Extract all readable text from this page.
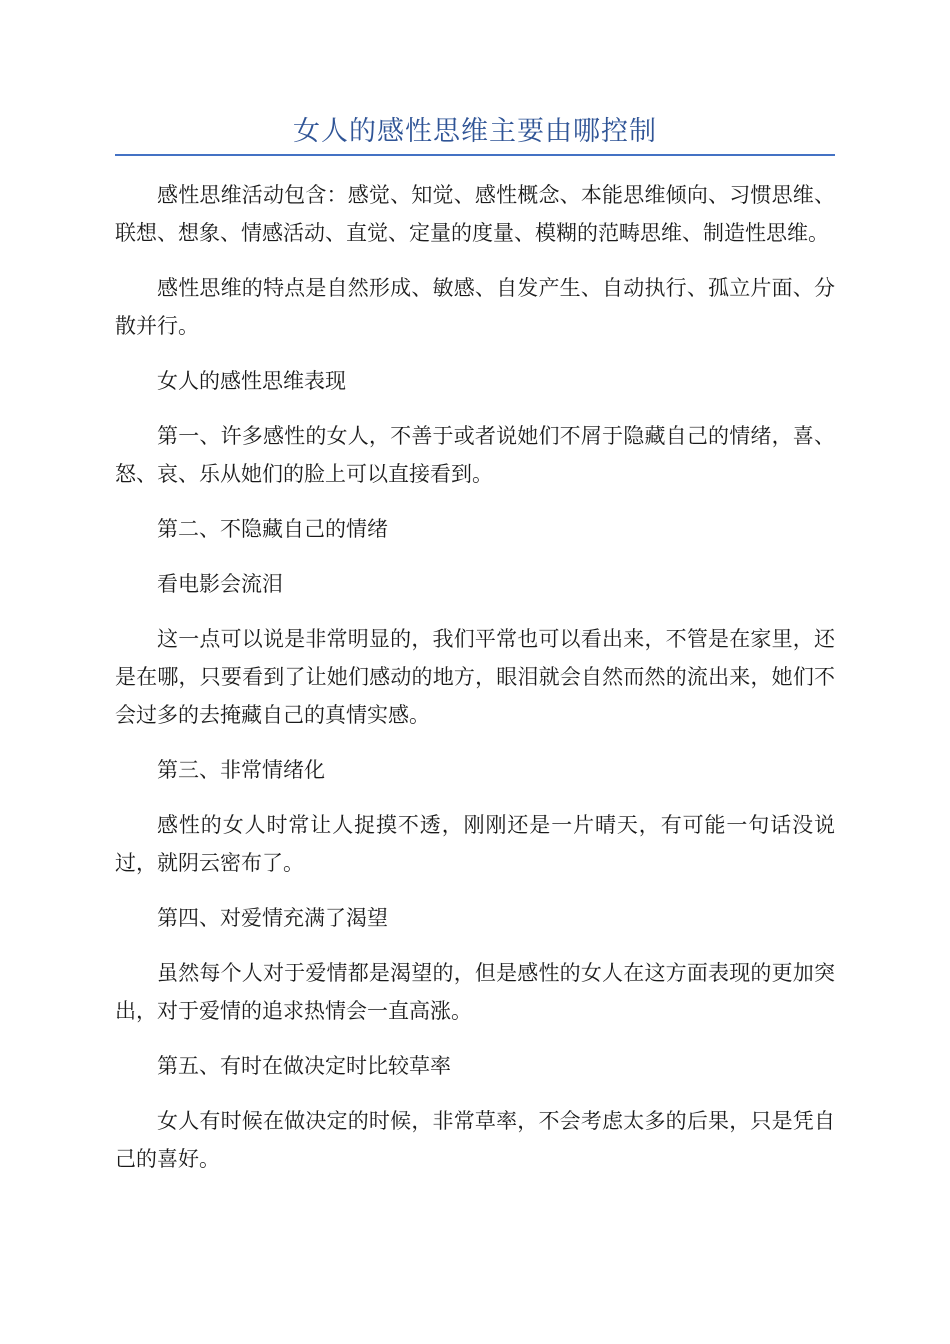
女人的感性思维主要由哪控制

感性思维活动包含：感觉、知觉、感性概念、本能思维倾向、习惯思维、联想、想象、情感活动、直觉、定量的度量、模糊的范畴思维、制造性思维。

感性思维的特点是自然形成、敏感、自发产生、自动执行、孤立片面、分散并行。

女人的感性思维表现

第一、许多感性的女人，不善于或者说她们不屑于隐藏自己的情绪，喜、怒、哀、乐从她们的脸上可以直接看到。

第二、不隐藏自己的情绪

看电影会流泪

这一点可以说是非常明显的，我们平常也可以看出来，不管是在家里，还是在哪，只要看到了让她们感动的地方，眼泪就会自然而然的流出来，她们不会过多的去掩藏自己的真情实感。

第三、非常情绪化

感性的女人时常让人捉摸不透，刚刚还是一片晴天，有可能一句话没说过，就阴云密布了。

第四、对爱情充满了渴望

虽然每个人对于爱情都是渴望的，但是感性的女人在这方面表现的更加突出，对于爱情的追求热情会一直高涨。

第五、有时在做决定时比较草率

女人有时候在做决定的时候，非常草率，不会考虑太多的后果，只是凭自己的喜好。
